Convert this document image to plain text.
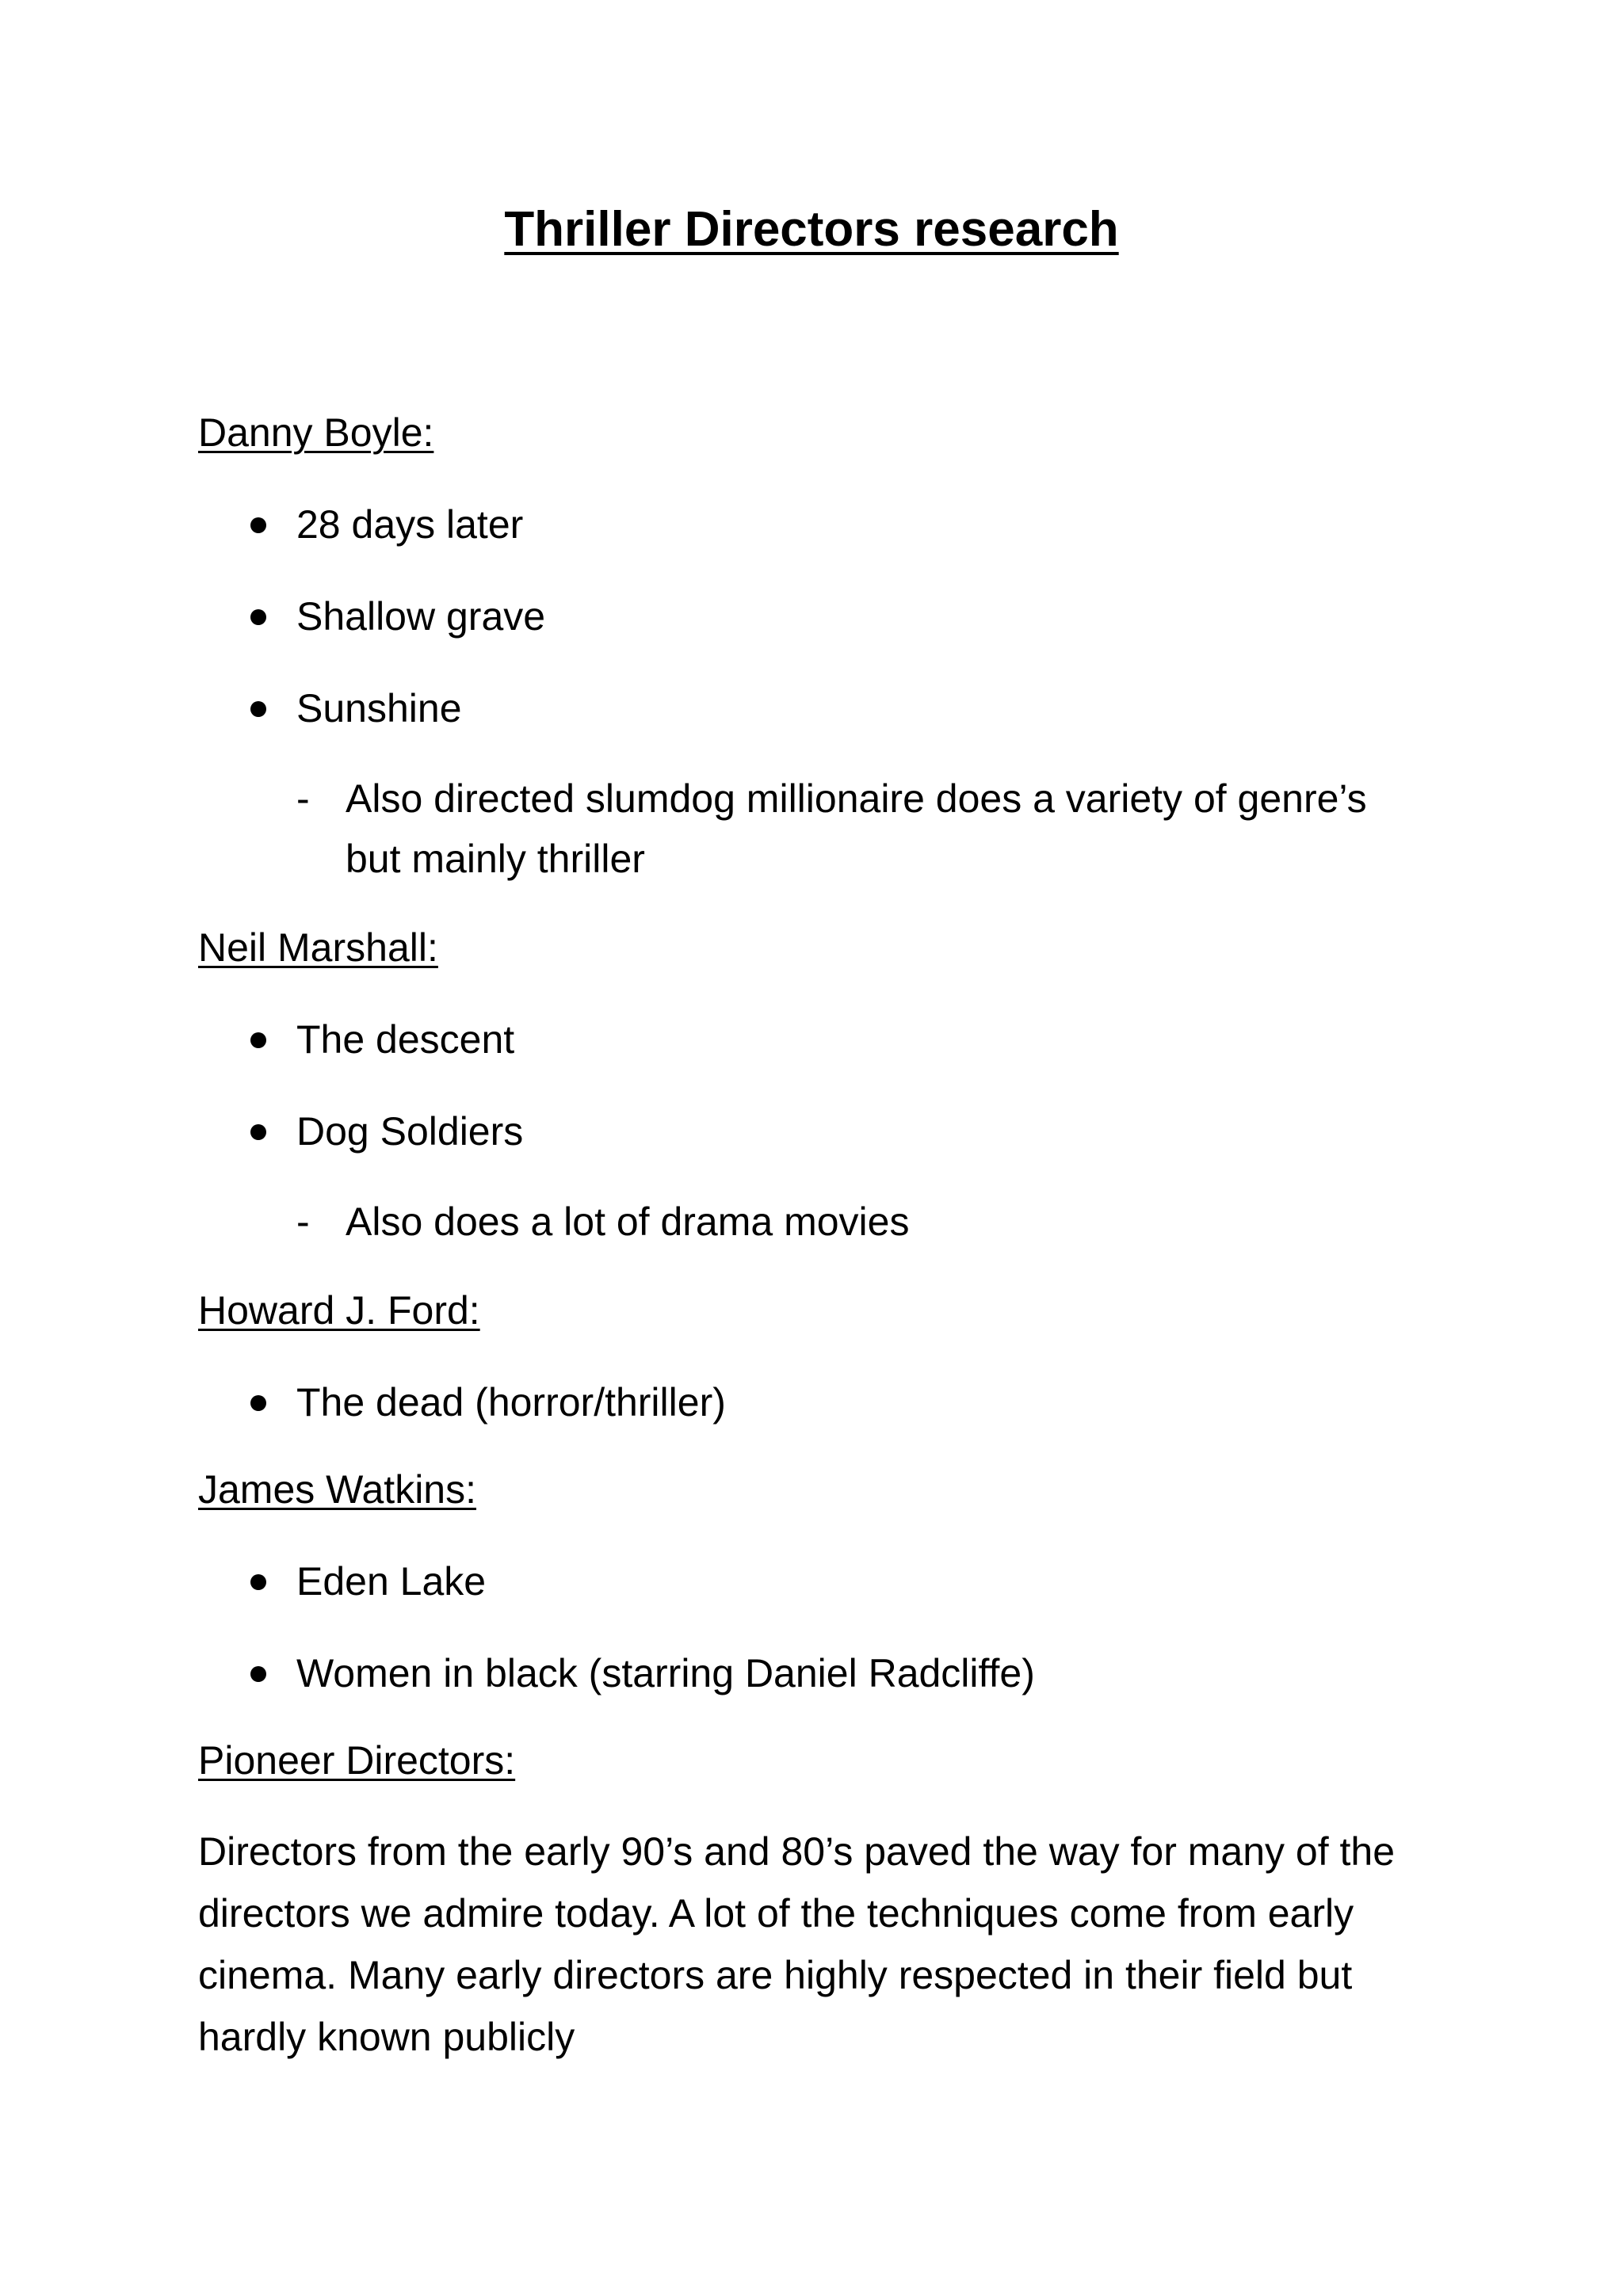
Thriller Directors research

Danny Boyle:

28 days later
Shallow grave
Sunshine
- Also directed slumdog millionaire does a variety of genre’s but mainly thriller

Neil Marshall:

The descent
Dog Soldiers
- Also does a lot of drama movies

Howard J. Ford:

The dead (horror/thriller)

James Watkins:

Eden Lake
Women in black (starring Daniel Radcliffe)

Pioneer Directors:

Directors from the early 90’s and 80’s paved the way for many of the directors we admire today. A lot of the techniques come from early cinema. Many early directors are highly respected in their field but hardly known publicly
